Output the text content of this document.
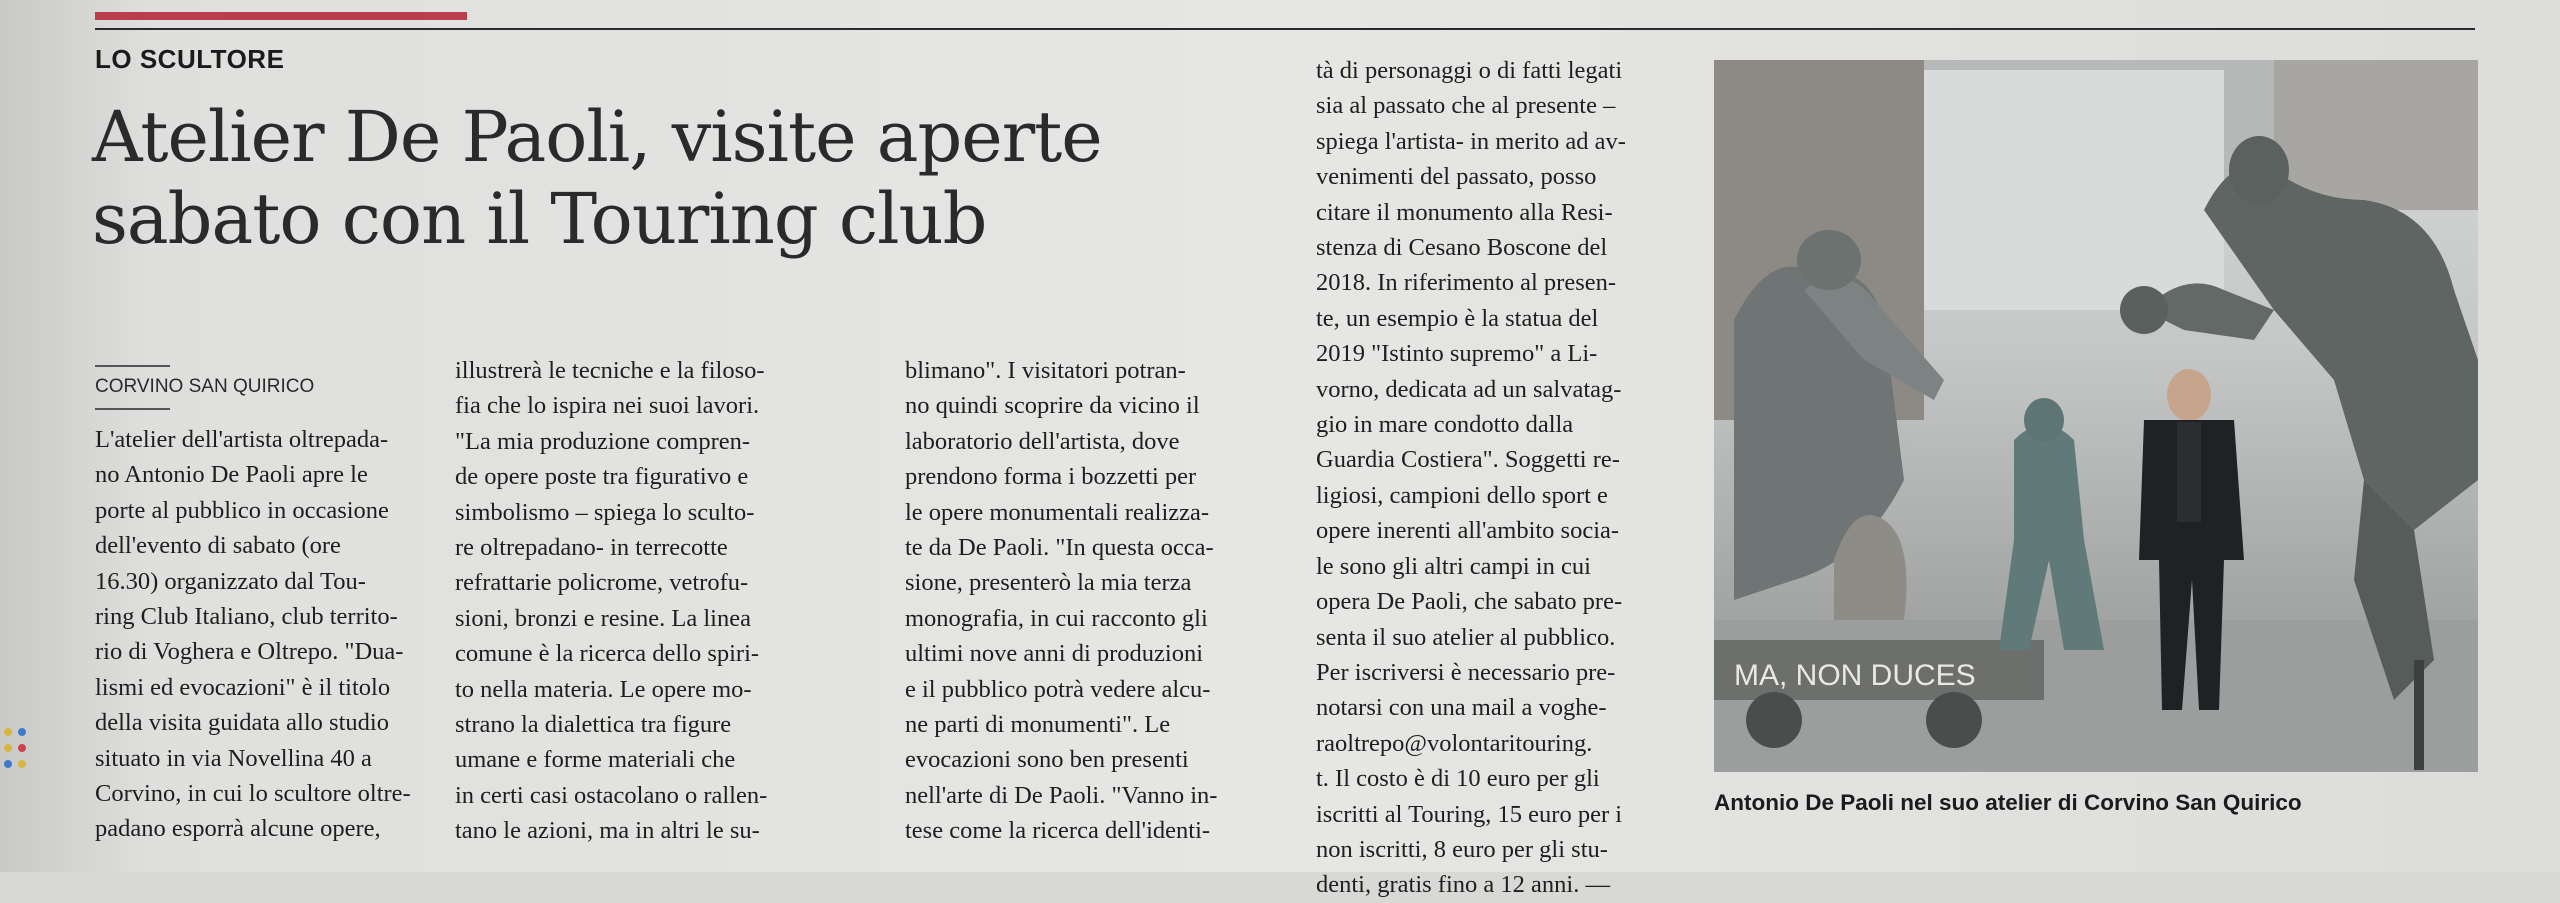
LO SCULTORE
Atelier De Paoli, visite aperte
sabato con il Touring club
CORVINO SAN QUIRICO

L'atelier dell'artista oltrepada-

no Antonio De Paoli apre le

porte al pubblico in occasione

dell'evento di sabato (ore

16.30) organizzato dal Tou-

ring Club Italiano, club territo-

rio di Voghera e Oltrepo. "Dua-

lismi ed evocazioni" è il titolo

della visita guidata allo studio

situato in via Novellina 40 a

Corvino, in cui lo scultore oltre-

padano esporrà alcune opere,

illustrerà le tecniche e la filoso-

fia che lo ispira nei suoi lavori.

"La mia produzione compren-

de opere poste tra figurativo e

simbolismo – spiega lo sculto-

re oltrepadano- in terrecotte

refrattarie policrome, vetrofu-

sioni, bronzi e resine. La linea

comune è la ricerca dello spiri-

to nella materia. Le opere mo-

strano la dialettica tra figure

umane e forme materiali che

in certi casi ostacolano o rallen-

tano le azioni, ma in altri le su-

blimano". I visitatori potran-

no quindi scoprire da vicino il

laboratorio dell'artista, dove

prendono forma i bozzetti per

le opere monumentali realizza-

te da De Paoli. "In questa occa-

sione, presenterò la mia terza

monografia, in cui racconto gli

ultimi nove anni di produzioni

e il pubblico potrà vedere alcu-

ne parti di monumenti". Le

evocazioni sono ben presenti

nell'arte di De Paoli. "Vanno in-

tese come la ricerca dell'identi-

tà di personaggi o di fatti legati

sia al passato che al presente –

spiega l'artista- in merito ad av-

venimenti del passato, posso

citare il monumento alla Resi-

stenza di Cesano Boscone del

2018. In riferimento al presen-

te, un esempio è la statua del

2019 "Istinto supremo" a Li-

vorno, dedicata ad un salvatag-

gio in mare condotto dalla

Guardia Costiera". Soggetti re-

ligiosi, campioni dello sport e

opere inerenti all'ambito socia-

le sono gli altri campi in cui

opera De Paoli, che sabato pre-

senta il suo atelier al pubblico.

Per iscriversi è necessario pre-

notarsi con una mail a voghe-

raoltrepo@volontaritouring.

t. Il costo è di 10 euro per gli

iscritti al Touring, 15 euro per i

non iscritti, 8 euro per gli stu-

denti, gratis fino a 12 anni. —

MA, NON DUCES
Antonio De Paoli nel suo atelier di Corvino San Quirico
